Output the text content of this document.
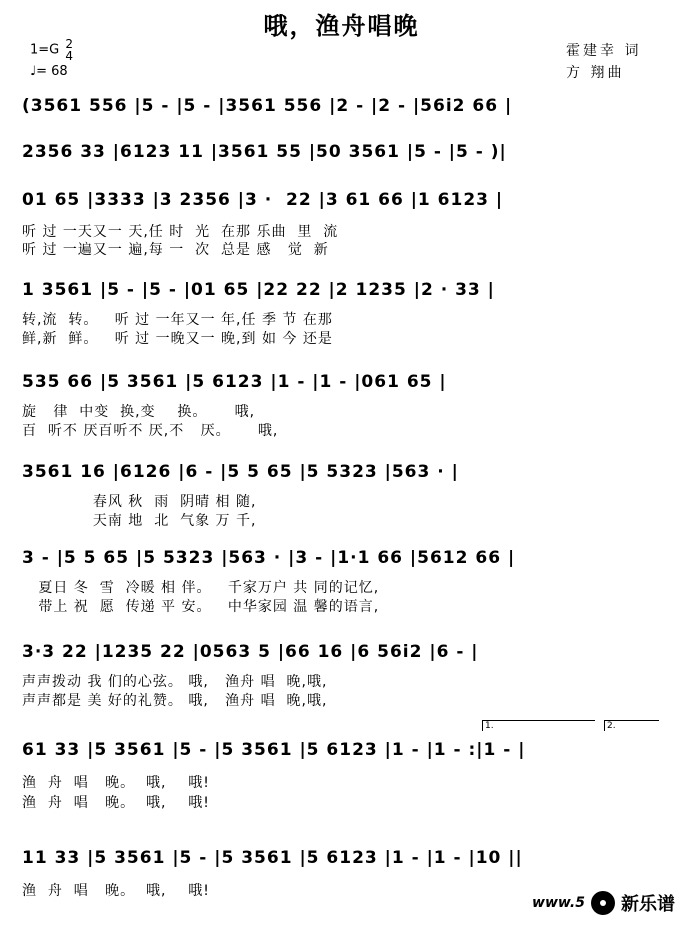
哦，渔舟唱晚
1=G 2
4
♩= 68
霍建幸 词
方 翔曲
(3561 556 |5 - |5 - |3561 556 |2 - |2 - |56i2 66 |
2356 33 |6123 11 |3561 55 |50 3561 |5 - |5 - )|
01 65 |3333 |3 2356 |3 ·  22 |3 61 66 |1 6123 |
听 过 一天又一 天,任 时  光  在那 乐曲  里  流
听 过 一遍又一 遍,每 一  次  总是 感   觉  新
1 3561 |5 - |5 - |01 65 |22 22 |2 1235 |2 · 33 |
转,流  转。   听 过 一年又一 年,任 季 节 在那
鲜,新  鲜。   听 过 一晚又一 晚,到 如 今 还是
535 66 |5 3561 |5 6123 |1 - |1 - |061 65 |
旋   律  中变  换,变    换。     哦,
百  听不 厌百听不 厌,不   厌。     哦,
3561 16 |6126 |6 - |5 5 65 |5 5323 |563 · |
春风 秋  雨  阴晴 相 随,
天南 地  北  气象 万 千,
3 - |5 5 65 |5 5323 |563 · |3 - |1·1 66 |5612 66 |
夏日 冬  雪  冷暖 相 伴。   千家万户 共 同的记忆,
带上 祝  愿  传递 平 安。   中华家园 温 馨的语言,
3·3 22 |1235 22 |0563 5 |66 16 |6 56i2 |6 - |
声声拨动 我 们的心弦。 哦,   渔舟 唱  晚,哦,
声声都是 美 好的礼赞。 哦,   渔舟 唱  晚,哦,
1.	2.
61 33 |5 3561 |5 - |5 3561 |5 6123 |1 - |1 - :|1 - |
渔  舟  唱   晚。  哦,    哦!
渔  舟  唱   晚。  哦,    哦!
11 33 |5 3561 |5 - |5 3561 |5 6123 |1 - |1 - |10 ||
渔  舟  唱   晚。  哦,    哦!
www.5 新乐谱
